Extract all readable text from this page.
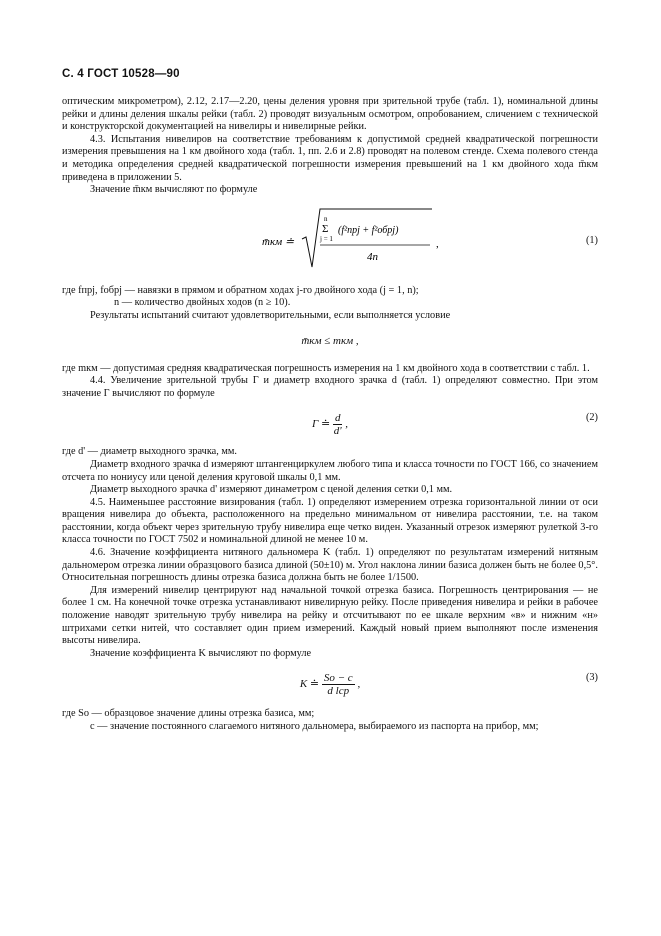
С. 4 ГОСТ 10528—90

оптическим микрометром), 2.12, 2.17—2.20, цены деления уровня при зрительной трубе (табл. 1), номинальной длины рейки и длины деления шкалы рейки (табл. 2) проводят визуальным осмотром, опробованием, сличением с технической и конструкторской документацией на нивелиры и нивелирные рейки.

4.3. Испытания нивелиров на соответствие требованиям к допустимой средней квадратической погрешности измерения превышения на 1 км двойного хода (табл. 1, пп. 2.6 и 2.8) проводят на полевом стенде. Схема полевого стенда и методика определения средней квадратической погрешности измерения превышений на 1 км двойного хода m̄км приведена в приложении 5.

Значение m̄км вычисляют по формуле

m̄км ≐
n
Σ
j = 1
(f²прj + f²обрj)
4n
,	(1)

где fпрj, fобрj — навязки в прямом и обратном ходах j-го двойного хода (j = 1, n);

n — количество двойных ходов (n ≥ 10).

Результаты испытаний считают удовлетворительными, если выполняется условие

m̄км ≤ mкм ,

где mкм — допустимая средняя квадратическая погрешность измерения на 1 км двойного хода в соответствии с табл. 1.

4.4. Увеличение зрительной трубы Г и диаметр входного зрачка d (табл. 1) определяют совместно. При этом значение Г вычисляют по формуле

Г ≐ $\frac{d}{d'}$ ,
(2)

где d' — диаметр выходного зрачка, мм.

Диаметр входного зрачка d измеряют штангенциркулем любого типа и класса точности по ГОСТ 166, со значением отсчета по нониусу или ценой деления круговой шкалы 0,1 мм.

Диаметр выходного зрачка d' измеряют динаметром с ценой деления сетки 0,1 мм.

4.5. Наименьшее расстояние визирования (табл. 1) определяют измерением отрезка горизонтальной линии от оси вращения нивелира до объекта, расположенного на предельно минимальном от нивелира расстоянии, т.е. на таком расстоянии, когда объект через зрительную трубу нивелира еще четко виден. Указанный отрезок измеряют рулеткой 3-го класса точности по ГОСТ 7502 и номинальной длиной не менее 10 м.

4.6. Значение коэффициента нитяного дальномера K (табл. 1) определяют по результатам измерений нитяным дальномером отрезка линии образцового базиса длиной (50±10) м. Угол наклона линии базиса должен быть не более 0,5°. Относительная погрешность длины отрезка базиса должна быть не более 1/1500.

Для измерений нивелир центрируют над начальной точкой отрезка базиса. Погрешность центрирования — не более 1 см. На конечной точке отрезка устанавливают нивелирную рейку. После приведения нивелира и рейки в рабочее положение наводят зрительную трубу нивелира на рейку и отсчитывают по ее шкале верхним «в» и нижним «н» штрихами сетки нитей, что составляет один прием измерений. Каждый новый прием выполняют после изменения высоты нивелира.

Значение коэффициента K вычисляют по формуле

K ≐ $\frac{Sо - c}{\text{d lср}}$ ,
(3)

где Sо — образцовое значение длины отрезка базиса, мм;

c — значение постоянного слагаемого нитяного дальномера, выбираемого из паспорта на прибор, мм;
